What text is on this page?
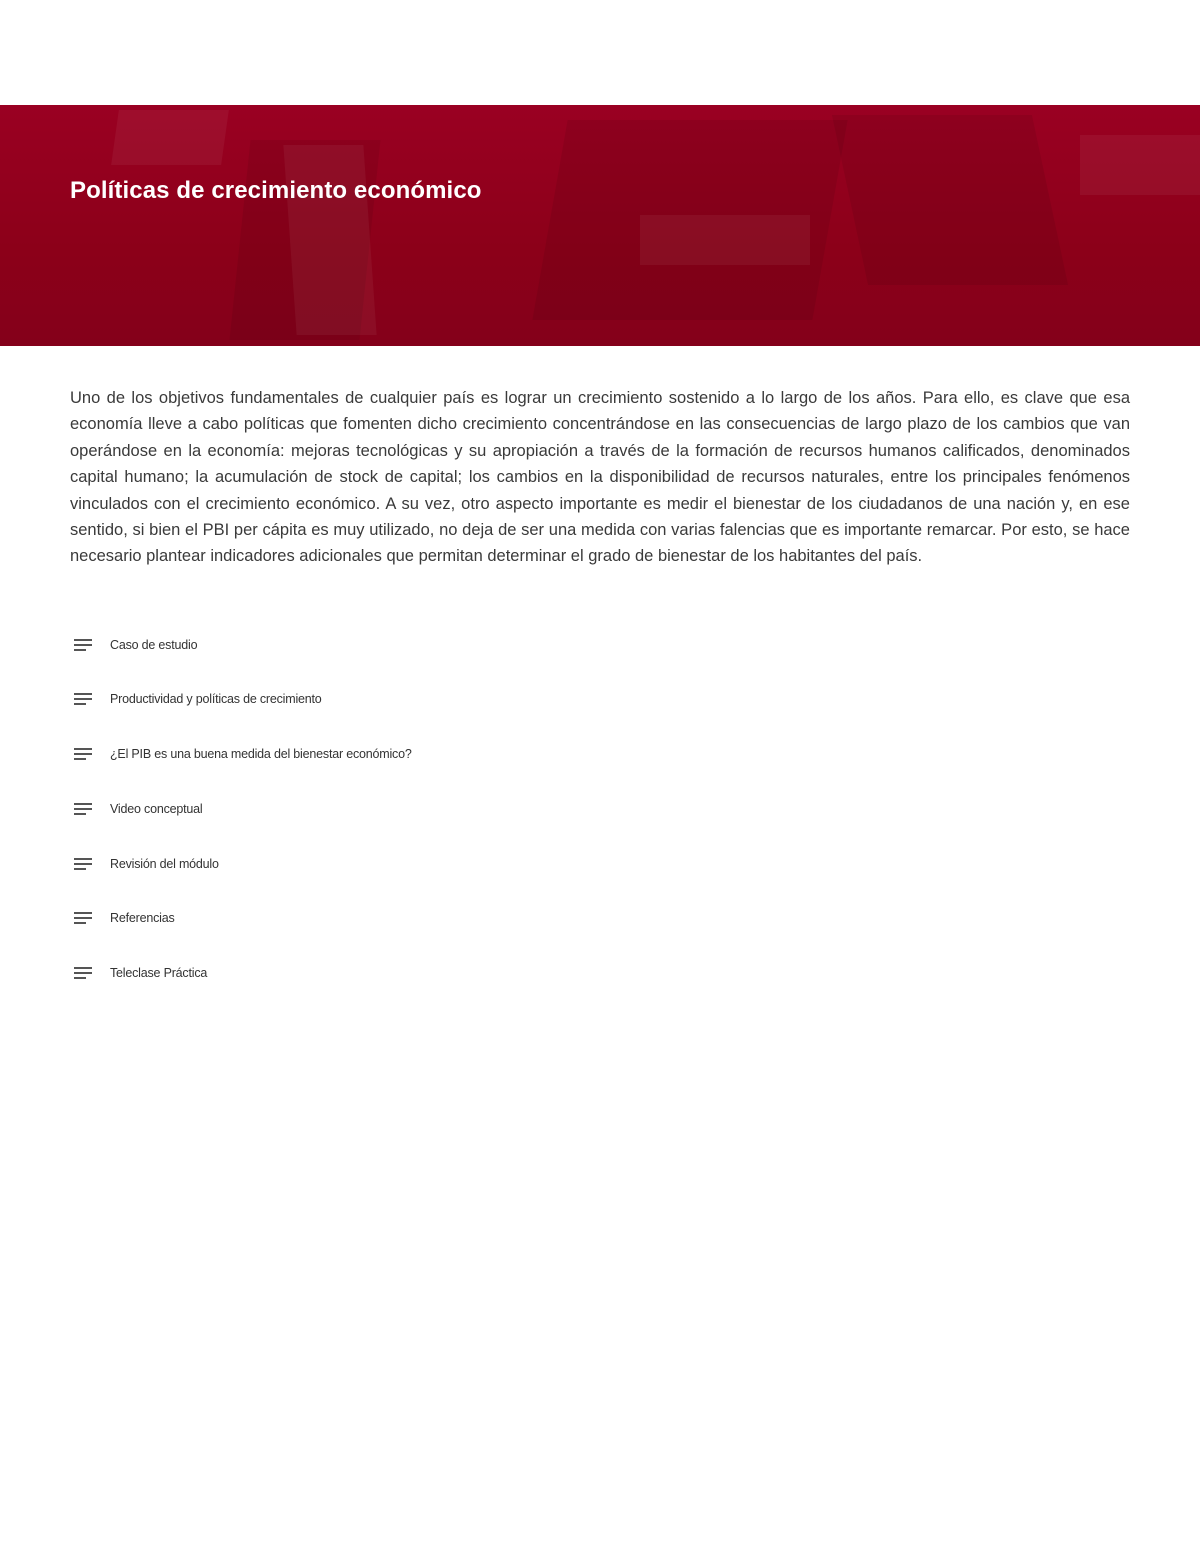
Políticas de crecimiento económico

Uno de los objetivos fundamentales de cualquier país es lograr un crecimiento sostenido a lo largo de los años. Para ello, es clave que esa economía lleve a cabo políticas que fomenten dicho crecimiento concentrándose en las consecuencias de largo plazo de los cambios que van operándose en la economía: mejoras tecnológicas y su apropiación a través de la formación de recursos humanos calificados, denominados capital humano; la acumulación de stock de capital; los cambios en la disponibilidad de recursos naturales, entre los principales fenómenos vinculados con el crecimiento económico. A su vez, otro aspecto importante es medir el bienestar de los ciudadanos de una nación y, en ese sentido, si bien el PBI per cápita es muy utilizado, no deja de ser una medida con varias falencias que es importante remarcar. Por esto, se hace necesario plantear indicadores adicionales que permitan determinar el grado de bienestar de los habitantes del país.

Caso de estudio
Productividad y políticas de crecimiento
¿El PIB es una buena medida del bienestar económico?
Video conceptual
Revisión del módulo
Referencias
Teleclase Práctica
